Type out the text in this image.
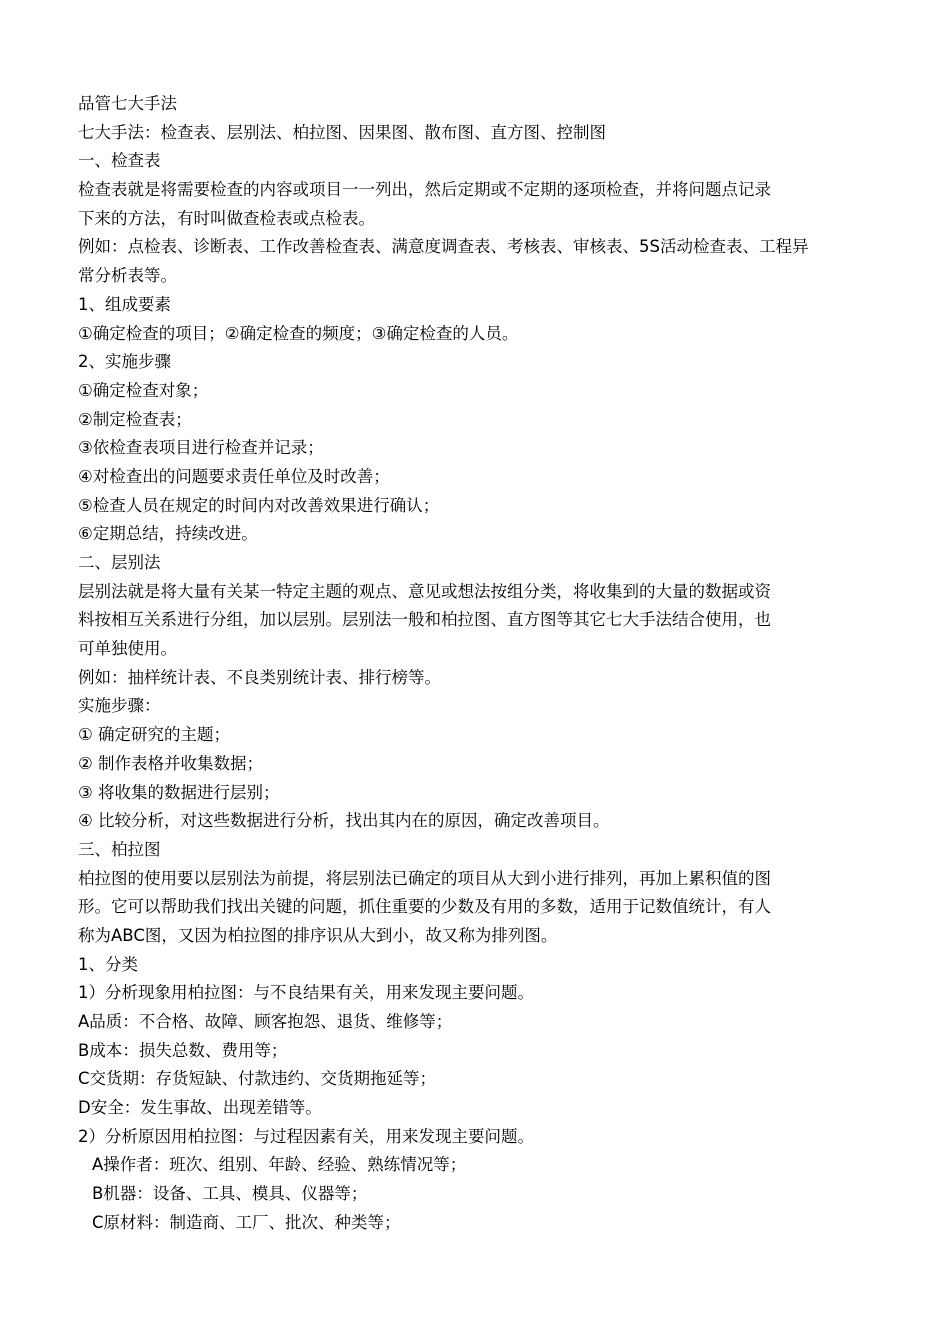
品管七大手法
七大手法：检查表、层别法、柏拉图、因果图、散布图、直方图、控制图
一、检查表
检查表就是将需要检查的内容或项目一一列出，然后定期或不定期的逐项检查，并将问题点记录
下来的方法，有时叫做查检表或点检表。
例如：点检表、诊断表、工作改善检查表、满意度调查表、考核表、审核表、5S活动检查表、工程异
常分析表等。
1、组成要素
①确定检查的项目；②确定检查的频度；③确定检查的人员。
2、实施步骤
①确定检查对象；
②制定检查表；
③依检查表项目进行检查并记录；
④对检查出的问题要求责任单位及时改善；
⑤检查人员在规定的时间内对改善效果进行确认；
⑥定期总结，持续改进。
二、层别法
层别法就是将大量有关某一特定主题的观点、意见或想法按组分类，将收集到的大量的数据或资
料按相互关系进行分组，加以层别。层别法一般和柏拉图、直方图等其它七大手法结合使用，也
可单独使用。
例如：抽样统计表、不良类别统计表、排行榜等。
实施步骤：
① 确定研究的主题；
② 制作表格并收集数据；
③ 将收集的数据进行层别；
④ 比较分析，对这些数据进行分析，找出其内在的原因，确定改善项目。
三、柏拉图
柏拉图的使用要以层别法为前提，将层别法已确定的项目从大到小进行排列，再加上累积值的图
形。它可以帮助我们找出关键的问题，抓住重要的少数及有用的多数，适用于记数值统计，有人
称为ABC图，又因为柏拉图的排序识从大到小，故又称为排列图。
1、分类
1）分析现象用柏拉图：与不良结果有关，用来发现主要问题。
A品质：不合格、故障、顾客抱怨、退货、维修等；
B成本：损失总数、费用等；
C交货期：存货短缺、付款违约、交货期拖延等；
D安全：发生事故、出现差错等。
2）分析原因用柏拉图：与过程因素有关，用来发现主要问题。
A操作者：班次、组别、年龄、经验、熟练情况等；
B机器：设备、工具、模具、仪器等；
C原材料：制造商、工厂、批次、种类等；
